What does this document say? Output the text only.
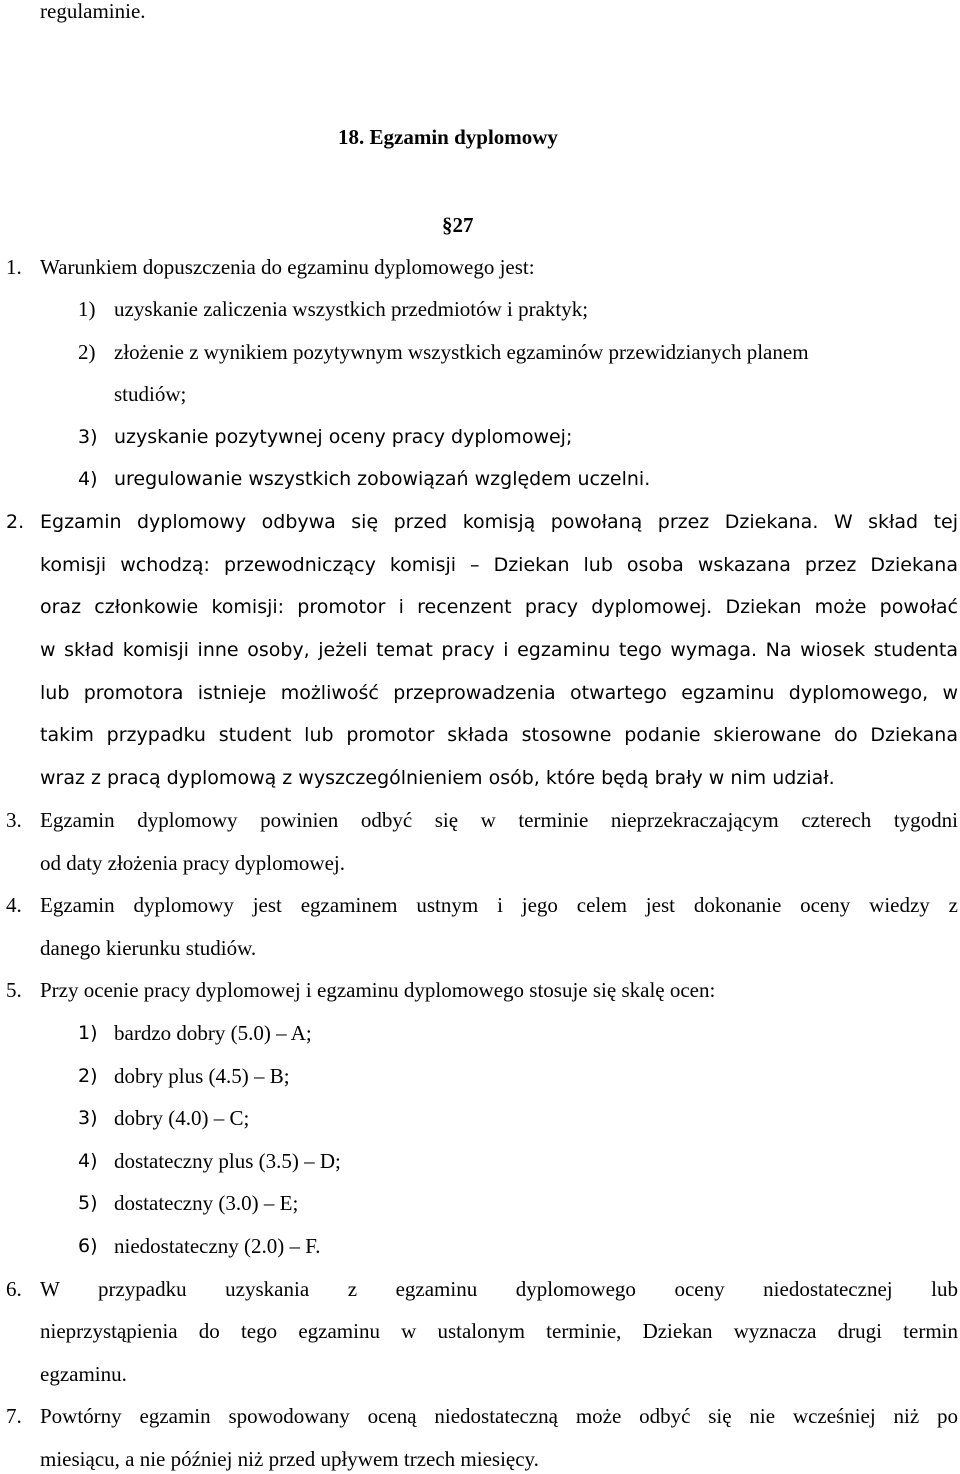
regulaminie.
18. Egzamin dyplomowy
§27
1. Warunkiem dopuszczenia do egzaminu dyplomowego jest:
1) uzyskanie zaliczenia wszystkich przedmiotów i praktyk;
2) złożenie z wynikiem pozytywnym wszystkich egzaminów przewidzianych planem
studiów;
3) uzyskanie pozytywnej oceny pracy dyplomowej;
4) uregulowanie wszystkich zobowiązań względem uczelni.
2. Egzamin dyplomowy odbywa się przed komisją powołaną przez Dziekana. W skład tej
komisji wchodzą: przewodniczący komisji – Dziekan lub osoba wskazana przez Dziekana
oraz członkowie komisji: promotor i recenzent pracy dyplomowej. Dziekan może powołać
w skład komisji inne osoby, jeżeli temat pracy i egzaminu tego wymaga. Na wiosek studenta
lub promotora istnieje możliwość przeprowadzenia otwartego egzaminu dyplomowego, w
takim przypadku student lub promotor składa stosowne podanie skierowane do Dziekana
wraz z pracą dyplomową z wyszczególnieniem osób, które będą brały w nim udział.
3. Egzamin dyplomowy powinien odbyć się w terminie nieprzekraczającym czterech tygodni
od daty złożenia pracy dyplomowej.
4. Egzamin dyplomowy jest egzaminem ustnym i jego celem jest dokonanie oceny wiedzy z
danego kierunku studiów.
5. Przy ocenie pracy dyplomowej i egzaminu dyplomowego stosuje się skalę ocen:
1) bardzo dobry (5.0) – A;
2) dobry plus (4.5) – B;
3) dobry (4.0) – C;
4) dostateczny plus (3.5) – D;
5) dostateczny (3.0) – E;
6) niedostateczny (2.0) – F.
6. W przypadku uzyskania z egzaminu dyplomowego oceny niedostatecznej lub
nieprzystąpienia do tego egzaminu w ustalonym terminie, Dziekan wyznacza drugi termin
egzaminu.
7. Powtórny egzamin spowodowany oceną niedostateczną może odbyć się nie wcześniej niż po
miesiącu, a nie później niż przed upływem trzech miesięcy.
